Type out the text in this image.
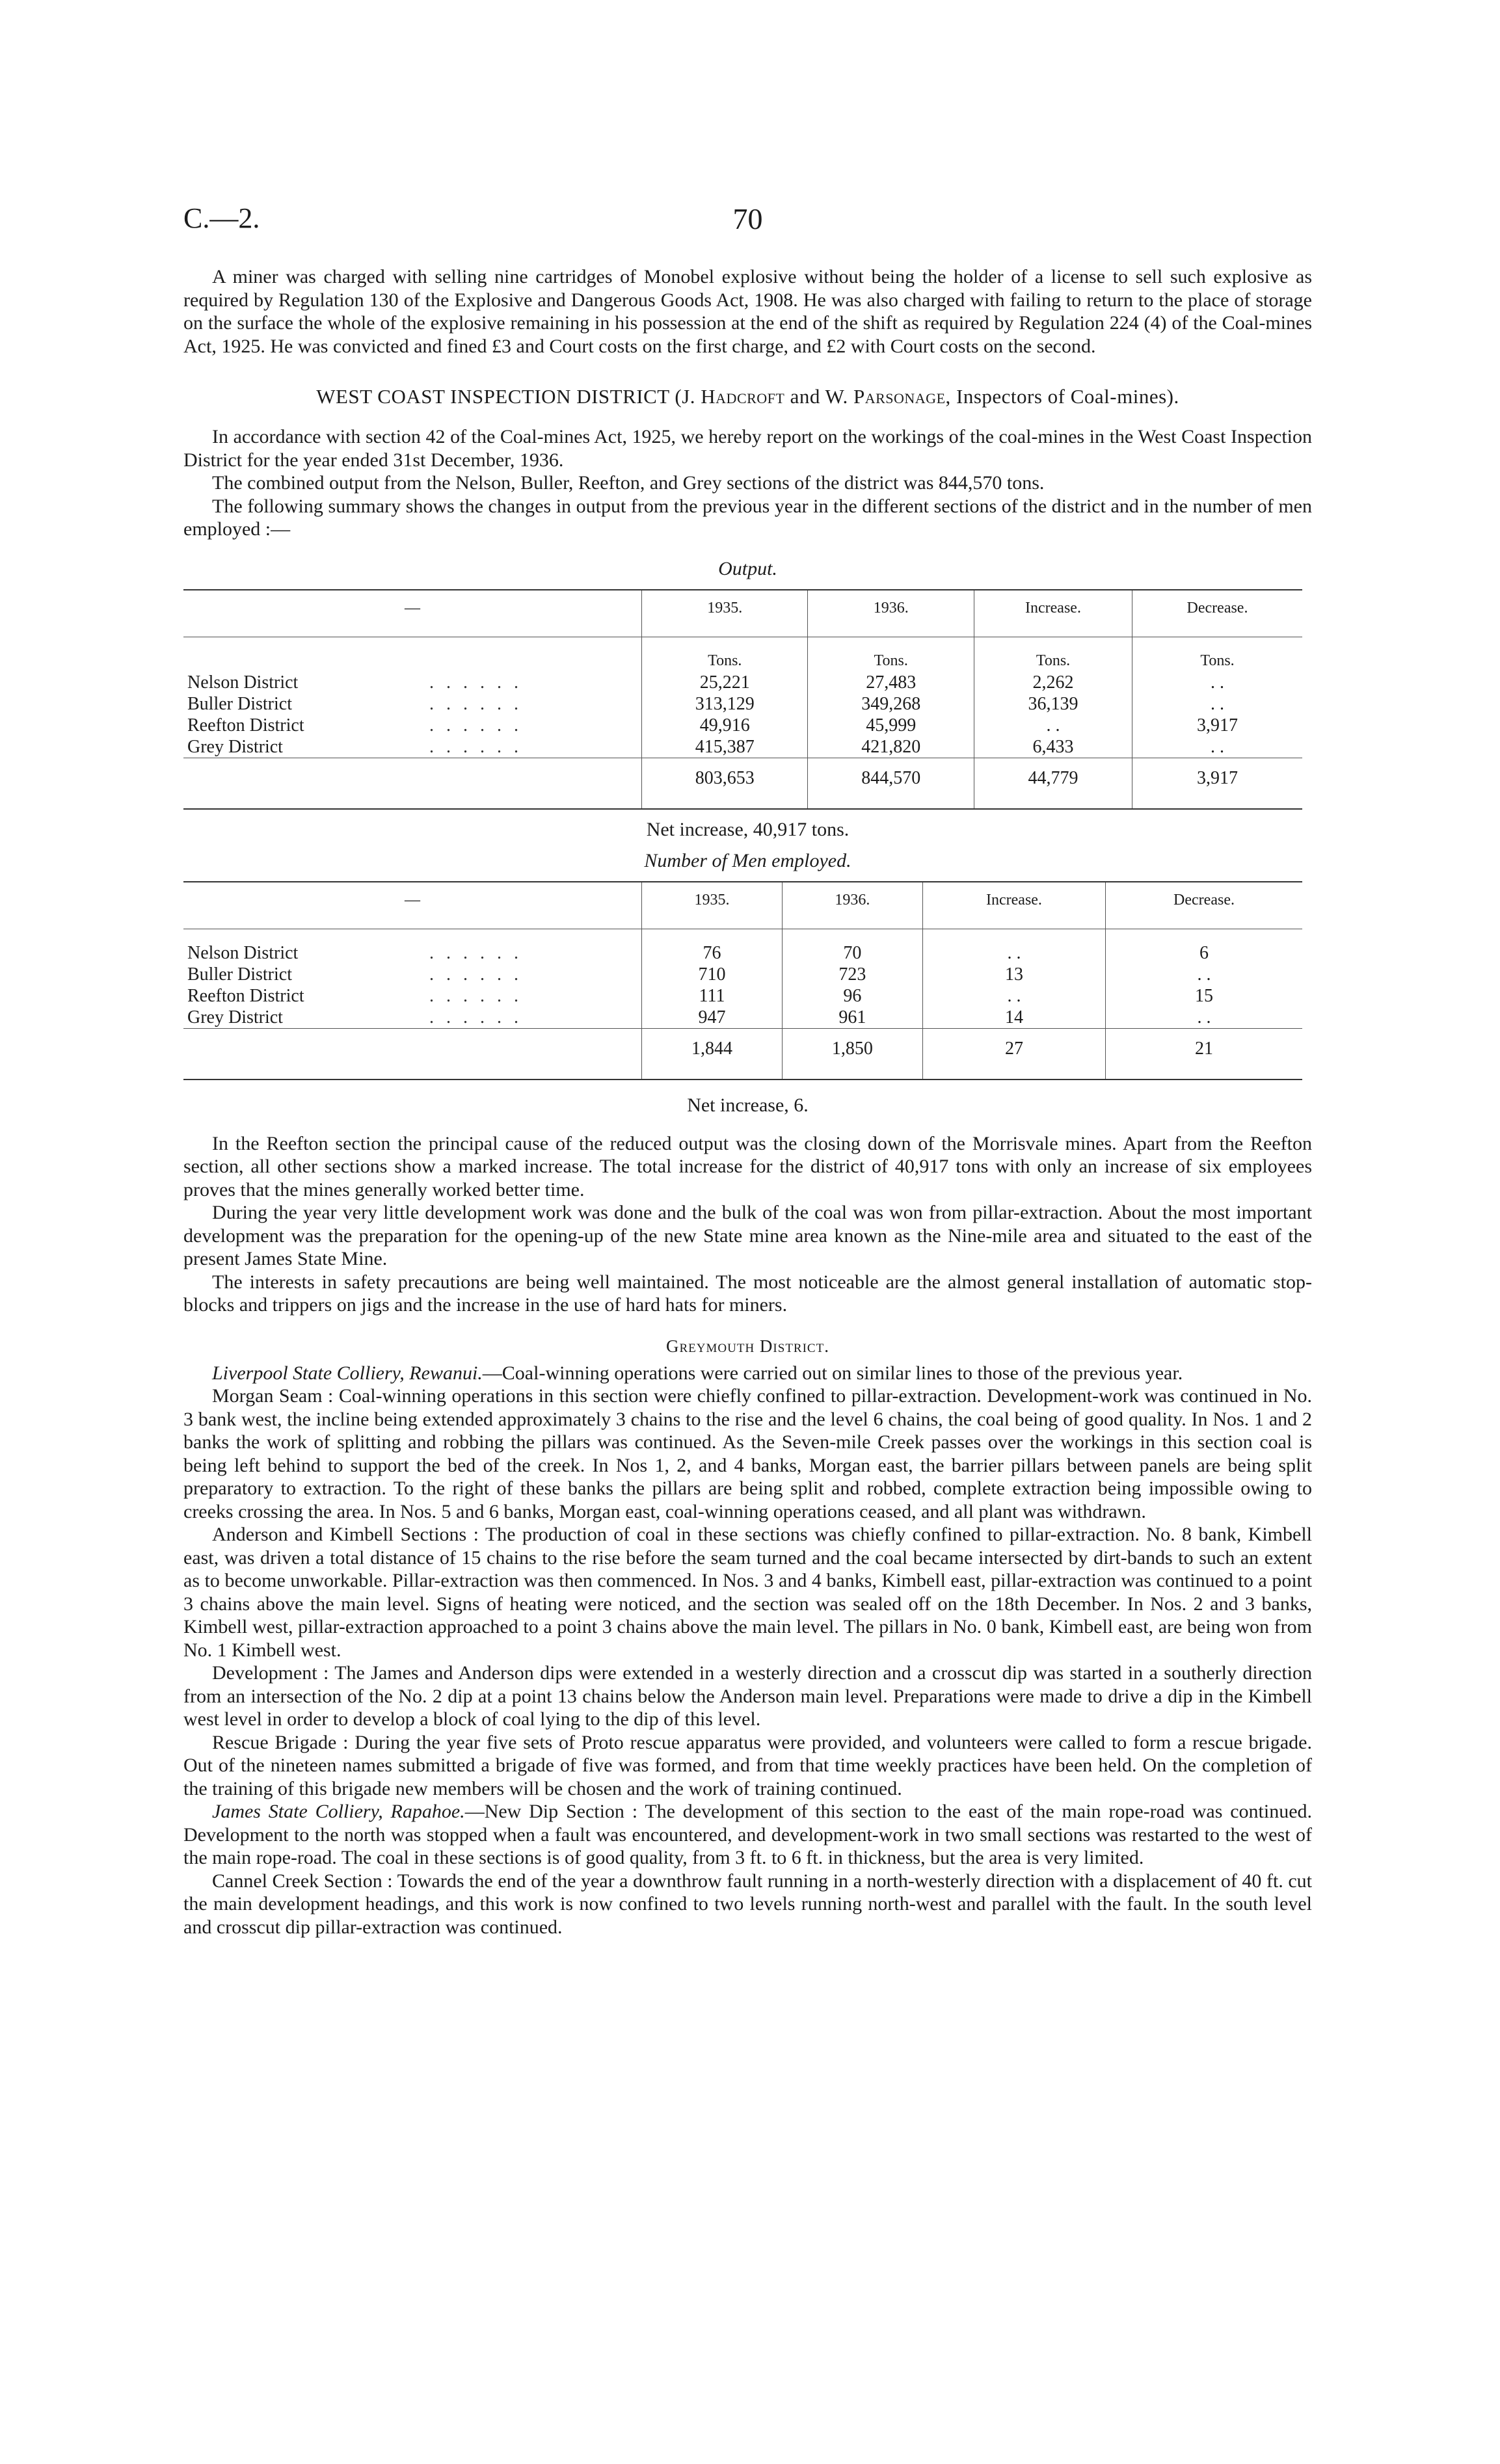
C.—2.	70

A miner was charged with selling nine cartridges of Monobel explosive without being the holder of a license to sell such explosive as required by Regulation 130 of the Explosive and Dangerous Goods Act, 1908. He was also charged with failing to return to the place of storage on the surface the whole of the explosive remaining in his possession at the end of the shift as required by Regulation 224 (4) of the Coal-mines Act, 1925. He was convicted and fined £3 and Court costs on the first charge, and £2 with Court costs on the second.

WEST COAST INSPECTION DISTRICT (J. Hadcroft and W. Parsonage, Inspectors of Coal-mines).

In accordance with section 42 of the Coal-mines Act, 1925, we hereby report on the workings of the coal-mines in the West Coast Inspection District for the year ended 31st December, 1936.

The combined output from the Nelson, Buller, Reefton, and Grey sections of the district was 844,570 tons.

The following summary shows the changes in output from the previous year in the different sections of the district and in the number of men employed :—

Output.
—		1935.	1936.	Increase.	Decrease.
		Tons.	Tons.	Tons.	Tons.
Nelson District	. . . . . .	25,221	27,483	2,262	. .
Buller District	. . . . . .	313,129	349,268	36,139	. .
Reefton District	. . . . . .	49,916	45,999	. .	3,917
Grey District	. . . . . .	415,387	421,820	6,433	. .
		803,653	844,570	44,779	3,917
Net increase, 40,917 tons.
Number of Men employed.
—		1935.	1936.	Increase.	Decrease.

Nelson District	. . . . . .	76	70	. .	6
Buller District	. . . . . .	710	723	13	. .
Reefton District	. . . . . .	111	96	. .	15
Grey District	. . . . . .	947	961	14	. .
		1,844	1,850	27	21
Net increase, 6.

In the Reefton section the principal cause of the reduced output was the closing down of the Morrisvale mines. Apart from the Reefton section, all other sections show a marked increase. The total increase for the district of 40,917 tons with only an increase of six employees proves that the mines generally worked better time.

During the year very little development work was done and the bulk of the coal was won from pillar-extraction. About the most important development was the preparation for the opening-up of the new State mine area known as the Nine-mile area and situated to the east of the present James State Mine.

The interests in safety precautions are being well maintained. The most noticeable are the almost general installation of automatic stop-blocks and trippers on jigs and the increase in the use of hard hats for miners.

Greymouth District.

Liverpool State Colliery, Rewanui.—Coal-winning operations were carried out on similar lines to those of the previous year.

Morgan Seam : Coal-winning operations in this section were chiefly confined to pillar-extraction. Development-work was continued in No. 3 bank west, the incline being extended approximately 3 chains to the rise and the level 6 chains, the coal being of good quality. In Nos. 1 and 2 banks the work of splitting and robbing the pillars was continued. As the Seven-mile Creek passes over the workings in this section coal is being left behind to support the bed of the creek. In Nos 1, 2, and 4 banks, Morgan east, the barrier pillars between panels are being split preparatory to extraction. To the right of these banks the pillars are being split and robbed, complete extraction being impossible owing to creeks crossing the area. In Nos. 5 and 6 banks, Morgan east, coal-winning operations ceased, and all plant was withdrawn.

Anderson and Kimbell Sections : The production of coal in these sections was chiefly confined to pillar-extraction. No. 8 bank, Kimbell east, was driven a total distance of 15 chains to the rise before the seam turned and the coal became intersected by dirt-bands to such an extent as to become unworkable. Pillar-extraction was then commenced. In Nos. 3 and 4 banks, Kimbell east, pillar-extraction was continued to a point 3 chains above the main level. Signs of heating were noticed, and the section was sealed off on the 18th December. In Nos. 2 and 3 banks, Kimbell west, pillar-extraction approached to a point 3 chains above the main level. The pillars in No. 0 bank, Kimbell east, are being won from No. 1 Kimbell west.

Development : The James and Anderson dips were extended in a westerly direction and a crosscut dip was started in a southerly direction from an intersection of the No. 2 dip at a point 13 chains below the Anderson main level. Preparations were made to drive a dip in the Kimbell west level in order to develop a block of coal lying to the dip of this level.

Rescue Brigade : During the year five sets of Proto rescue apparatus were provided, and volunteers were called to form a rescue brigade. Out of the nineteen names submitted a brigade of five was formed, and from that time weekly practices have been held. On the completion of the training of this brigade new members will be chosen and the work of training continued.

James State Colliery, Rapahoe.—New Dip Section : The development of this section to the east of the main rope-road was continued. Development to the north was stopped when a fault was encountered, and development-work in two small sections was restarted to the west of the main rope-road. The coal in these sections is of good quality, from 3 ft. to 6 ft. in thickness, but the area is very limited.

Cannel Creek Section : Towards the end of the year a downthrow fault running in a north-westerly direction with a displacement of 40 ft. cut the main development headings, and this work is now confined to two levels running north-west and parallel with the fault. In the south level and crosscut dip pillar-extraction was continued.
